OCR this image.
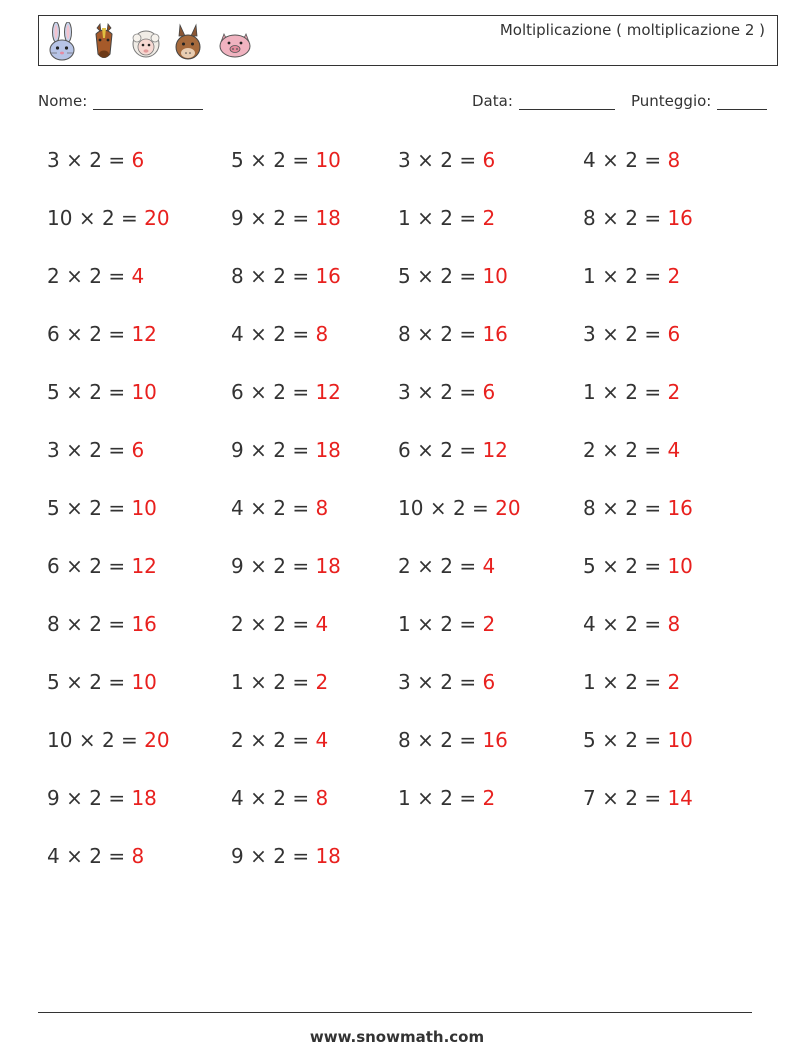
Moltiplicazione ( moltiplicazione 2 )
Nome:	Data:	Punteggio:
3 × 2 = 6
10 × 2 = 20
2 × 2 = 4
6 × 2 = 12
5 × 2 = 10
3 × 2 = 6
5 × 2 = 10
6 × 2 = 12
8 × 2 = 16
5 × 2 = 10
10 × 2 = 20
9 × 2 = 18
4 × 2 = 8
5 × 2 = 10
9 × 2 = 18
8 × 2 = 16
4 × 2 = 8
6 × 2 = 12
9 × 2 = 18
4 × 2 = 8
9 × 2 = 18
2 × 2 = 4
1 × 2 = 2
2 × 2 = 4
4 × 2 = 8
9 × 2 = 18
3 × 2 = 6
1 × 2 = 2
5 × 2 = 10
8 × 2 = 16
3 × 2 = 6
6 × 2 = 12
10 × 2 = 20
2 × 2 = 4
1 × 2 = 2
3 × 2 = 6
8 × 2 = 16
1 × 2 = 2
4 × 2 = 8
8 × 2 = 16
1 × 2 = 2
3 × 2 = 6
1 × 2 = 2
2 × 2 = 4
8 × 2 = 16
5 × 2 = 10
4 × 2 = 8
1 × 2 = 2
5 × 2 = 10
7 × 2 = 14
www.snowmath.com
